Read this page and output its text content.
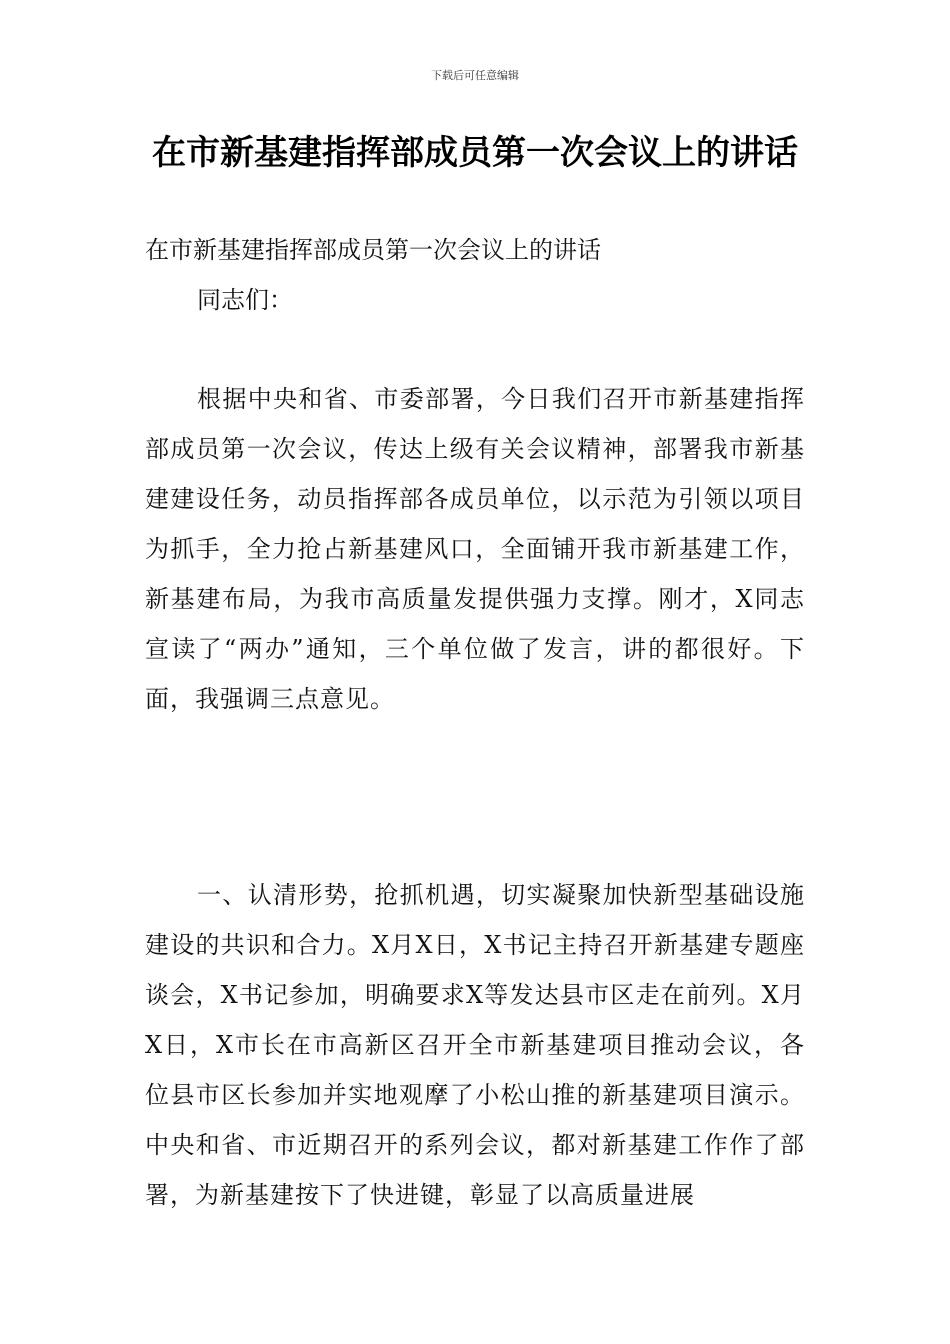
下载后可任意编辑
在市新基建指挥部成员第一次会议上的讲话

在市新基建指挥部成员第一次会议上的讲话

同志们：

根据中央和省、市委部署，今日我们召开市新基建指挥部成员第一次会议，传达上级有关会议精神，部署我市新基建建设任务，动员指挥部各成员单位，以示范为引领以项目为抓手，全力抢占新基建风口，全面铺开我市新基建工作，新基建布局，为我市高质量发提供强力支撑。刚才，X同志宣读了“两办”通知，三个单位做了发言，讲的都很好。下面，我强调三点意见。

一、认清形势，抢抓机遇，切实凝聚加快新型基础设施建设的共识和合力。X月X日，X书记主持召开新基建专题座谈会，X书记参加，明确要求X等发达县市区走在前列。X月X日，X市长在市高新区召开全市新基建项目推动会议，各位县市区长参加并实地观摩了小松山推的新基建项目演示。中央和省、市近期召开的系列会议，都对新基建工作作了部署，为新基建按下了快进键，彰显了以高质量进展
